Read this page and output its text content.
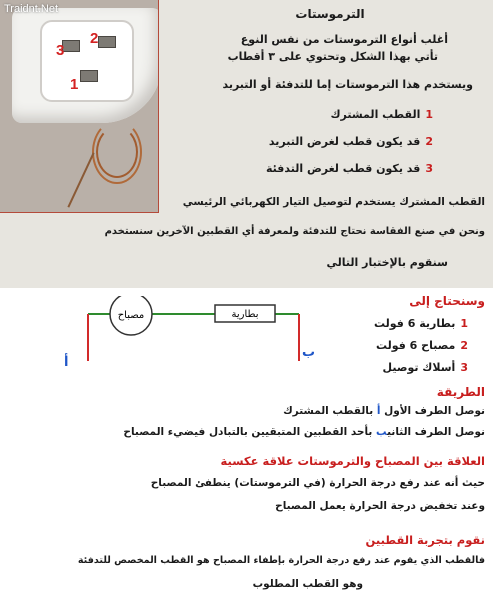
3
2
1
Traidnt.Net	الترموستات
أغلب أنواع الترموستات من نفس النوع
تأتي بهذا الشكل وتحتوي على ٣ أقطاب
ويستخدم هذا الترموستات إما للتدفئة أو التبريد
1القطب المشترك
2قد يكون قطب لغرض التبريد
3قد يكون قطب لغرض التدفئة
القطب المشترك يستخدم لتوصيل التيار الكهربائي الرئيسي
ونحن في صنع الفقاسة نحتاج للتدفئة ولمعرفة أي القطبين الآخرين سنستخدم
سنقوم بالإختبار التالي
مصباح	بطارية
أ
ب
وسنحتاج إلى
1بطارية 6 فولت
2مصباح 6 فولت
3أسلاك توصيل
الطريقة
نوصل الطرف الأول أ بالقطب المشترك
نوصل الطرف الثانيب بأحد القطبين المتبقيين بالتبادل فيضيء المصباح
العلاقة بين المصباح والترموستات علاقة عكسية
حيث أنه عند رفع درجة الحرارة (في الترموستات) ينطفئ المصباح
وعند تخفيض درجة الحرارة يعمل المصباح
نقوم بتجربة القطبين
فالقطب الذي يقوم عند رفع درجة الحرارة بإطفاء المصباح هو القطب المخصص للتدفئة
وهو القطب المطلوب
